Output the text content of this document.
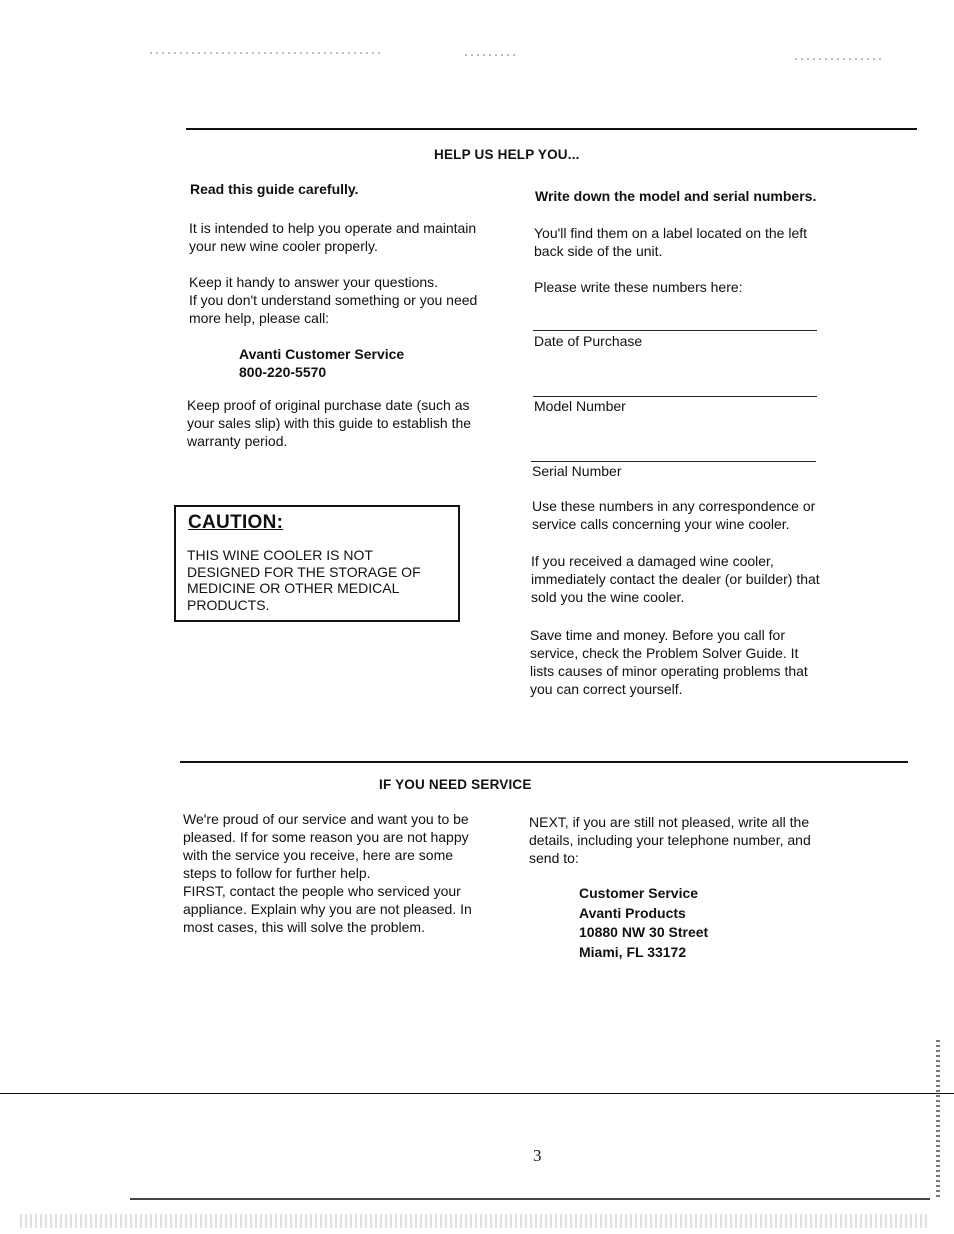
HELP US HELP YOU...
Read this guide carefully.
It is intended to help you operate and maintain
your new wine cooler properly.
Keep it handy to answer your questions.
If you don't understand something or you need
more help, please call:
Avanti Customer Service
800-220-5570
Keep proof of original purchase date (such as
your sales slip) with this guide to establish the
warranty period.
CAUTION:
THIS WINE COOLER IS NOT
DESIGNED FOR THE STORAGE OF
MEDICINE OR OTHER MEDICAL
PRODUCTS.
Write down the model and serial numbers.
You'll find them on a label located on the left
back side of the unit.
Please write these numbers here:
Date of Purchase
Model Number
Serial Number
Use these numbers in any correspondence or
service calls concerning your wine cooler.
If you received a damaged wine cooler,
immediately contact the dealer (or builder) that
sold you the wine cooler.
Save time and money. Before you call for
service, check the Problem Solver Guide. It
lists causes of minor operating problems that
you can correct yourself.
IF YOU NEED SERVICE
We're proud of our service and want you to be
pleased. If for some reason you are not happy
with the service you receive, here are some
steps to follow for further help.
FIRST, contact the people who serviced your
appliance. Explain why you are not pleased. In
most cases, this will solve the problem.
NEXT, if you are still not pleased, write all the
details, including your telephone number, and
send to:
Customer Service
Avanti Products
10880 NW 30 Street
Miami, FL 33172
3
